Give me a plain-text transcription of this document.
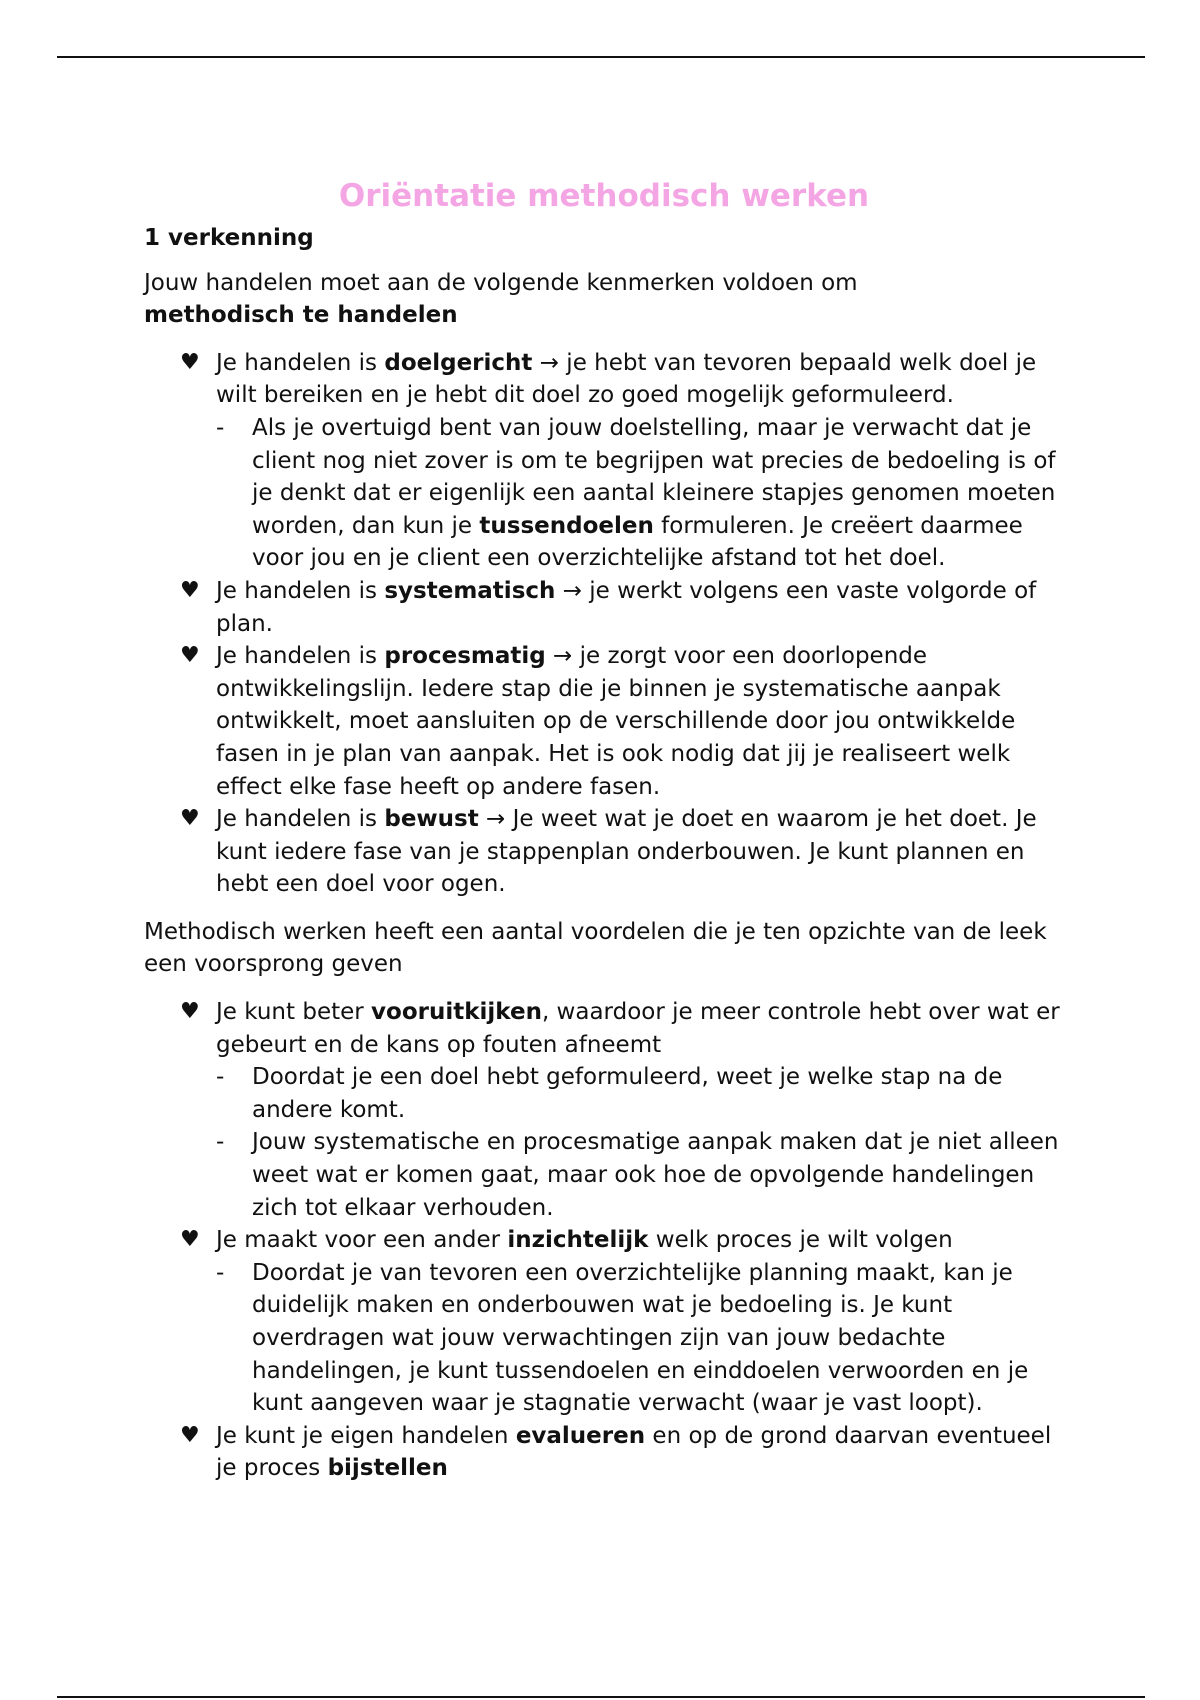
Oriëntatie methodisch werken
1 verkenning

Jouw handelen moet aan de volgende kenmerken voldoen om
methodisch te handelen

♥ Je handelen is doelgericht → je hebt van tevoren bepaald welk doel je wilt bereiken en je hebt dit doel zo goed mogelijk geformuleerd.
- Als je overtuigd bent van jouw doelstelling, maar je verwacht dat je client nog niet zover is om te begrijpen wat precies de bedoeling is of je denkt dat er eigenlijk een aantal kleinere stapjes genomen moeten worden, dan kun je tussendoelen formuleren. Je creëert daarmee voor jou en je client een overzichtelijke afstand tot het doel.
♥ Je handelen is systematisch → je werkt volgens een vaste volgorde of plan.
♥ Je handelen is procesmatig → je zorgt voor een doorlopende ontwikkelingslijn. Iedere stap die je binnen je systematische aanpak ontwikkelt, moet aansluiten op de verschillende door jou ontwikkelde fasen in je plan van aanpak. Het is ook nodig dat jij je realiseert welk effect elke fase heeft op andere fasen.
♥ Je handelen is bewust → Je weet wat je doet en waarom je het doet. Je kunt iedere fase van je stappenplan onderbouwen. Je kunt plannen en hebt een doel voor ogen.

Methodisch werken heeft een aantal voordelen die je ten opzichte van de leek een voorsprong geven

♥ Je kunt beter vooruitkijken, waardoor je meer controle hebt over wat er gebeurt en de kans op fouten afneemt
- Doordat je een doel hebt geformuleerd, weet je welke stap na de andere komt.
- Jouw systematische en procesmatige aanpak maken dat je niet alleen weet wat er komen gaat, maar ook hoe de opvolgende handelingen zich tot elkaar verhouden.
♥ Je maakt voor een ander inzichtelijk welk proces je wilt volgen
- Doordat je van tevoren een overzichtelijke planning maakt, kan je duidelijk maken en onderbouwen wat je bedoeling is. Je kunt overdragen wat jouw verwachtingen zijn van jouw bedachte handelingen, je kunt tussendoelen en einddoelen verwoorden en je kunt aangeven waar je stagnatie verwacht (waar je vast loopt).
♥ Je kunt je eigen handelen evalueren en op de grond daarvan eventueel je proces bijstellen
